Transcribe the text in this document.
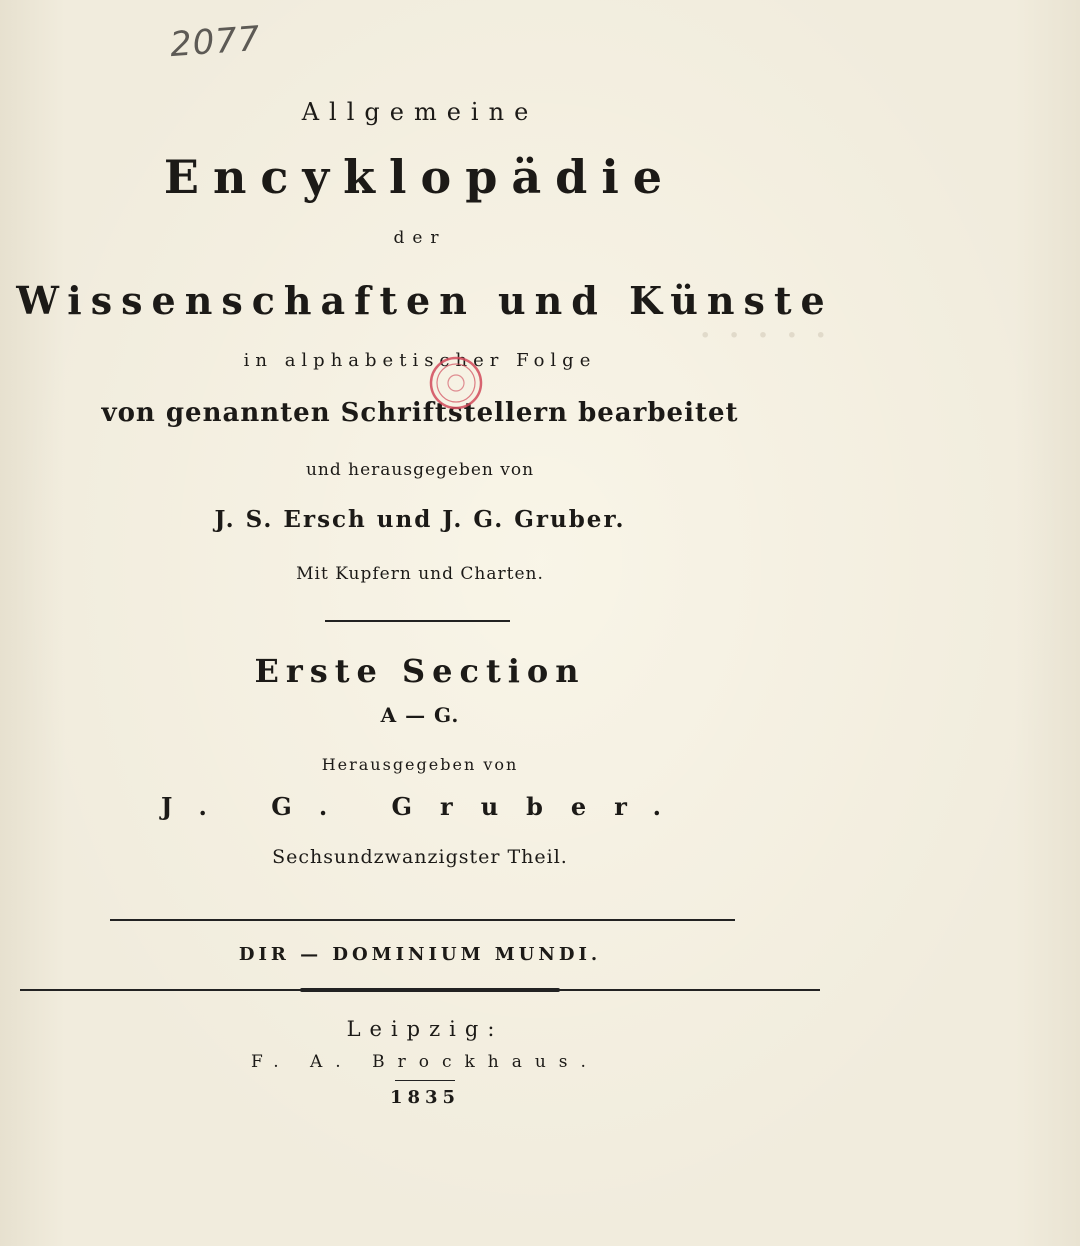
2077
· · · · ·
Allgemeine
Encyklopädie
der
Wissenschaften und Künste
in alphabetischer Folge
von genannten Schriftstellern bearbeitet
und herausgegeben von
J. S. Ersch und J. G. Gruber.
Mit Kupfern und Charten.
Erste Section
A — G.
Herausgegeben von
J. G. Gruber.
Sechsundzwanzigster Theil.
DIR — DOMINIUM MUNDI.
Leipzig:
F. A. Brockhaus.
1835
